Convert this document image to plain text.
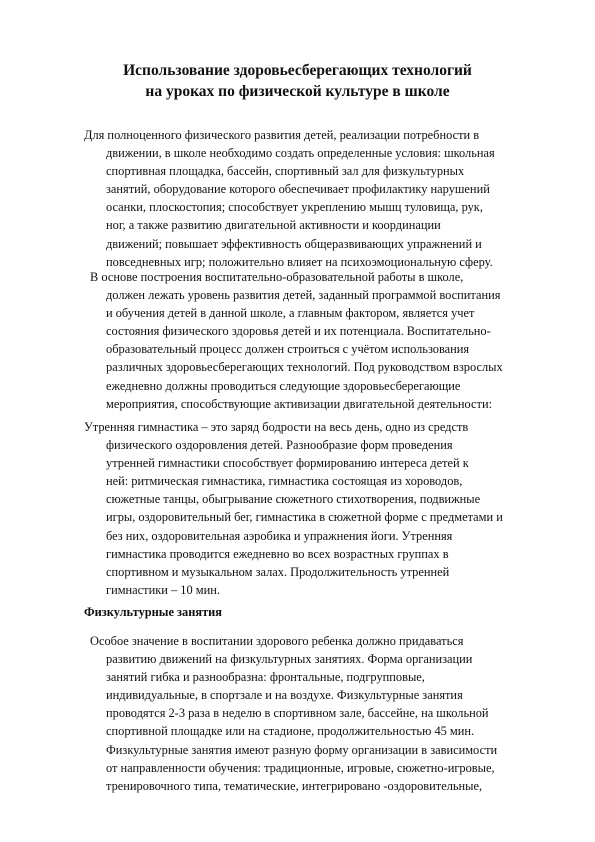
Использование здоровьесберегающих технологий
на уроках по физической культуре в школе
Для полноценного физического развития детей, реализации потребности в
движении, в школе необходимо создать определенные условия: школьная
спортивная площадка, бассейн, спортивный зал для физкультурных
занятий, оборудование которого обеспечивает профилактику нарушений
осанки, плоскостопия; способствует укреплению мышц туловища, рук,
ног, а также развитию двигательной активности и координации
движений; повышает эффективность общеразвивающих упражнений и
повседневных игр; положительно влияет на психоэмоциональную сферу.
В основе построения воспитательно-образовательной работы в школе,
должен лежать уровень развития детей, заданный программой воспитания
и обучения детей в данной школе, а главным фактором, является учет
состояния физического здоровья детей и их потенциала. Воспитательно-
образовательный процесс должен строиться с учётом использования
различных здоровьесберегающих технологий. Под руководством взрослых
ежедневно должны проводиться следующие здоровьесберегающие
мероприятия, способствующие активизации двигательной деятельности:
Утренняя гимнастика – это заряд бодрости на весь день, одно из средств
физического оздоровления детей. Разнообразие форм проведения
утренней гимнастики способствует формированию интереса детей к
ней: ритмическая гимнастика, гимнастика состоящая из хороводов,
сюжетные танцы, обыгрывание сюжетного стихотворения, подвижные
игры, оздоровительный бег, гимнастика в сюжетной форме с предметами и
без них, оздоровительная аэробика и упражнения йоги. Утренняя
гимнастика проводится ежедневно во всех возрастных группах в
спортивном и музыкальном залах. Продолжительность утренней
гимнастики – 10 мин.
Физкультурные занятия
Особое значение в воспитании здорового ребенка должно придаваться
развитию движений на физкультурных занятиях. Форма организации
занятий гибка и разнообразна: фронтальные, подгрупповые,
индивидуальные, в спортзале и на воздухе. Физкультурные занятия
проводятся 2-3 раза в неделю в спортивном зале, бассейне, на школьной
спортивной площадке или на стадионе, продолжительностью 45 мин.
Физкультурные занятия имеют разную форму организации в зависимости
от направленности обучения: традиционные, игровые, сюжетно-игровые,
тренировочного типа, тематические, интегрировано -оздоровительные,
